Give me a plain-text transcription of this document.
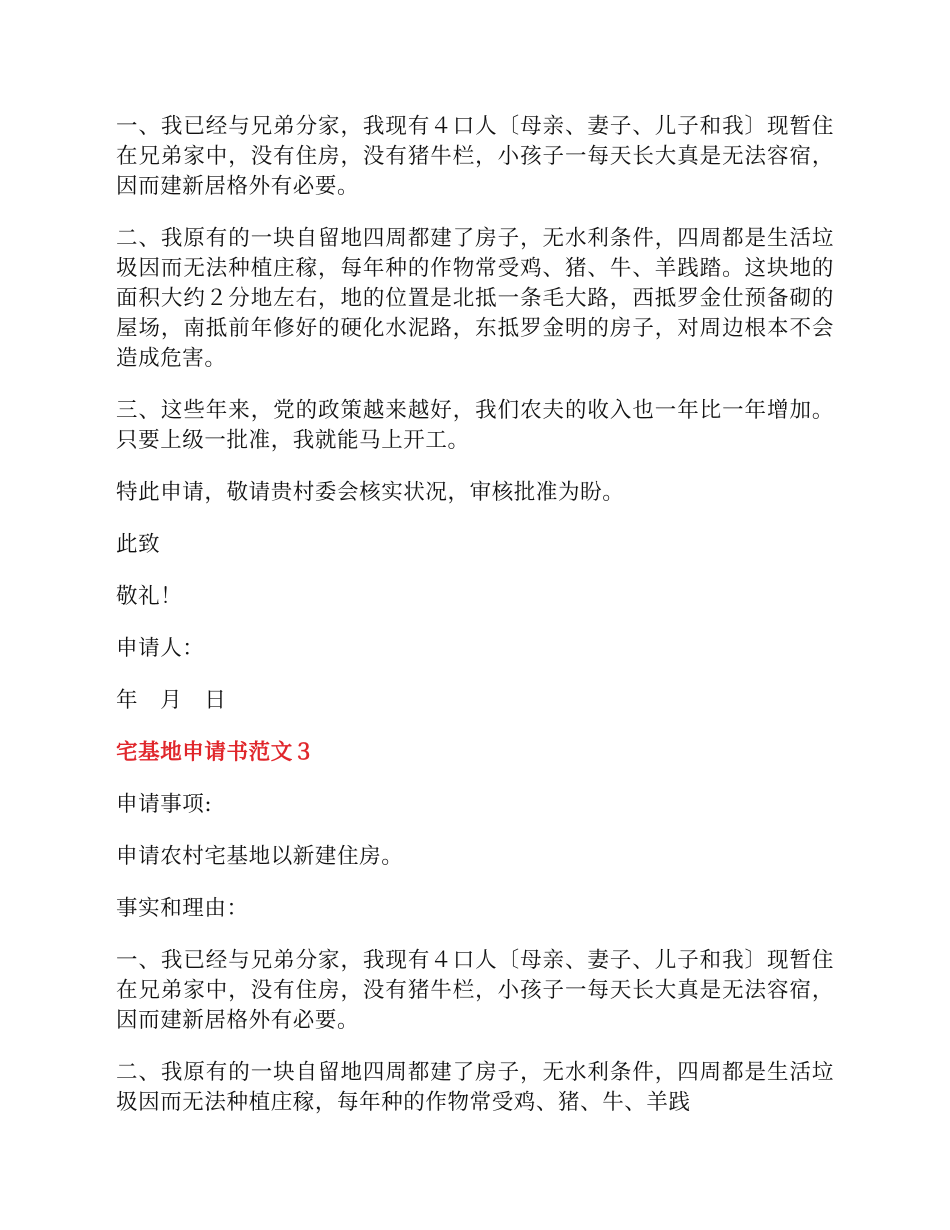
一、我已经与兄弟分家，我现有４口人〔母亲、妻子、儿子和我〕现暂住在兄弟家中，没有住房，没有猪牛栏，小孩子一每天长大真是无法容宿，因而建新居格外有必要。

二、我原有的一块自留地四周都建了房子，无水利条件，四周都是生活垃圾因而无法种植庄稼，每年种的作物常受鸡、猪、牛、羊践踏。这块地的面积大约２分地左右，地的位置是北抵一条毛大路，西抵罗金仕预备砌的屋场，南抵前年修好的硬化水泥路，东抵罗金明的房子，对周边根本不会造成危害。

三、这些年来，党的政策越来越好，我们农夫的收入也一年比一年增加。只要上级一批准，我就能马上开工。

特此申请，敬请贵村委会核实状况，审核批准为盼。

此致

敬礼！

申请人：

年　月　日

宅基地申请书范文３

申请事项:

申请农村宅基地以新建住房。

事实和理由：

一、我已经与兄弟分家，我现有４口人〔母亲、妻子、儿子和我〕现暂住在兄弟家中，没有住房，没有猪牛栏，小孩子一每天长大真是无法容宿，因而建新居格外有必要。

二、我原有的一块自留地四周都建了房子，无水利条件，四周都是生活垃圾因而无法种植庄稼，每年种的作物常受鸡、猪、牛、羊践
